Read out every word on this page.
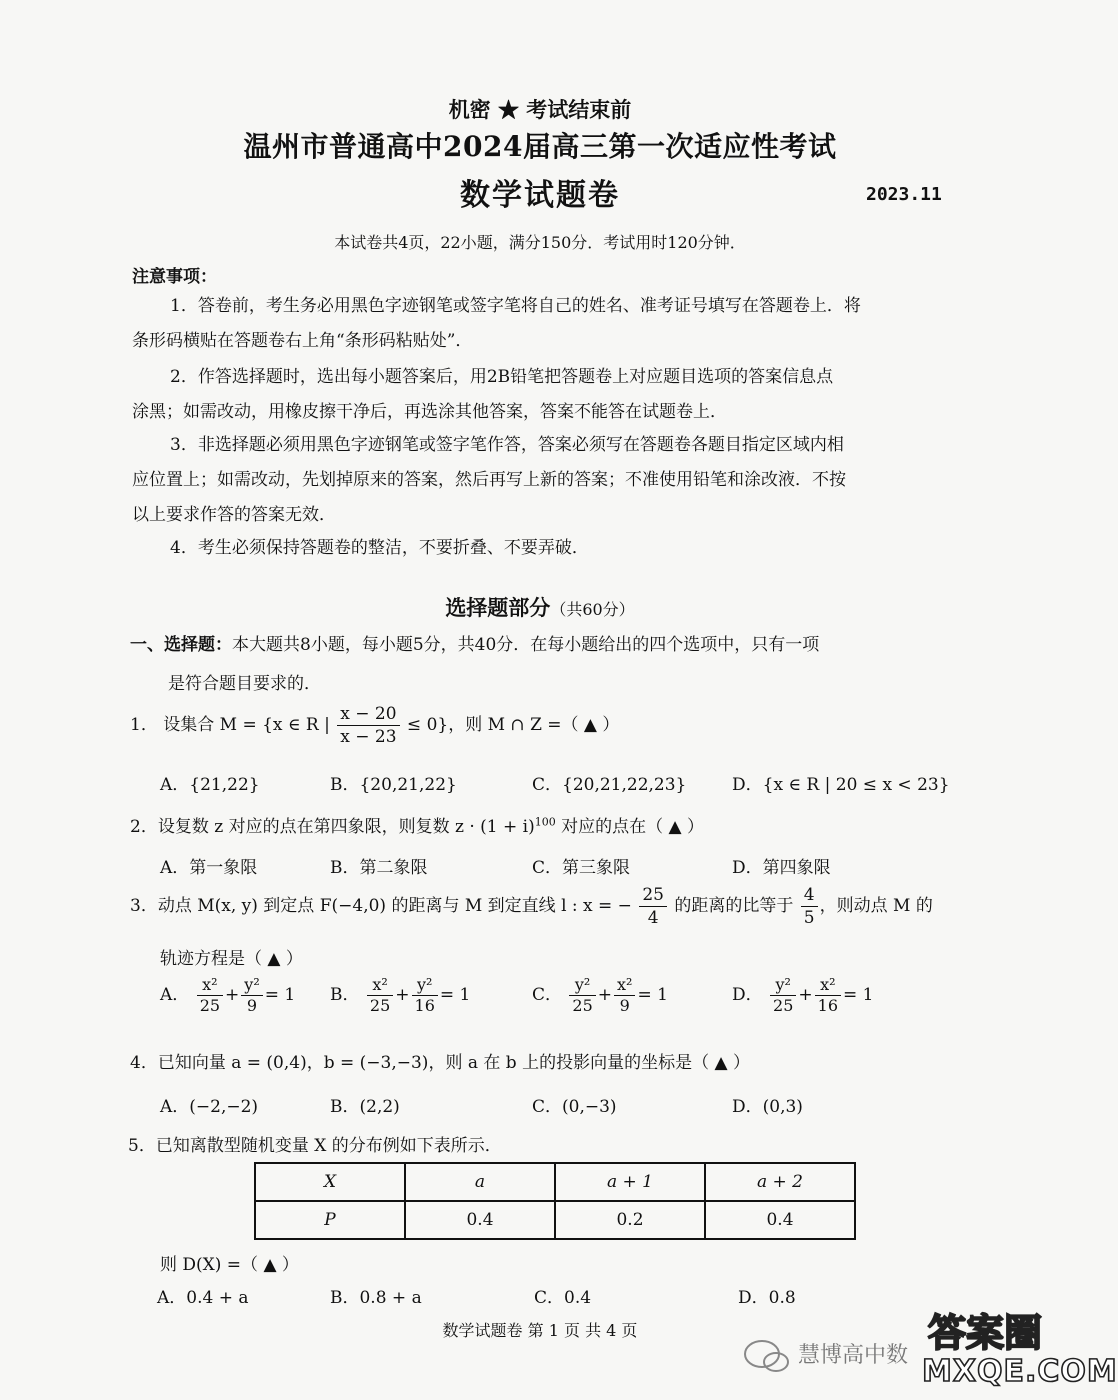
机密 ★ 考试结束前
温州市普通高中2024届高三第一次适应性考试
数学试题卷	2023.11
本试卷共4页，22小题，满分150分．考试用时120分钟．
注意事项：
1．答卷前，考生务必用黑色字迹钢笔或签字笔将自己的姓名、准考证号填写在答题卷上．将
条形码横贴在答题卷右上角“条形码粘贴处”．
2．作答选择题时，选出每小题答案后，用2B铅笔把答题卷上对应题目选项的答案信息点
涂黑；如需改动，用橡皮擦干净后，再选涂其他答案，答案不能答在试题卷上．
3．非选择题必须用黑色字迹钢笔或签字笔作答，答案必须写在答题卷各题目指定区域内相
应位置上；如需改动，先划掉原来的答案，然后再写上新的答案；不准使用铅笔和涂改液．不按
以上要求作答的答案无效．
4．考生必须保持答题卷的整洁，不要折叠、不要弄破．
选择题部分（共60分）
一、选择题：本大题共8小题，每小题5分，共40分．在每小题给出的四个选项中，只有一项
是符合题目要求的．
1． 设集合 M = {x ∈ R | $\frac{x - 20}{x - 23} \le 0$}，则 M ∩ Z =（ ▲ ）
A．{21,22}	B．{20,21,22}	C．{20,21,22,23}	D．{x ∈ R | 20 ≤ x < 23}
2．设复数 z 对应的点在第四象限，则复数 $z \cdot (1 + i)^{100}$ 对应的点在（ ▲ ）
A．第一象限	B．第二象限	C．第三象限	D．第四象限
3．动点 M(x, y) 到定点 F(−4,0) 的距离与 M 到定直线 l : x = − $\frac{25}{4}$ 的距离的比等于 $\frac{4}{5}$ ，则动点 M 的
轨迹方程是（ ▲ ）
A． $\frac{\text{x²}}{25} + \frac{\text{y²}}{9} = 1$ B． $\frac{\text{x²}}{25} + \frac{\text{y²}}{16} = 1$	C． $\frac{\text{y²}}{25} + \frac{\text{x²}}{9} = 1$	D． $\frac{\text{y²}}{25} + \frac{\text{x²}}{16} = 1$
4．已知向量 a = (0,4)，b = (−3,−3)，则 a 在 b 上的投影向量的坐标是（ ▲ ）
A．(−2,−2)	B．(2,2)	C．(0,−3)	D．(0,3)
5．已知离散型随机变量 X 的分布例如下表所示．
X	a	a + 1	a + 2
P	0.4	0.2	0.4
则 D(X) =（ ▲ ）
A．0.4 + a	B．0.8 + a	C．0.4	D．0.8
数学试题卷 第 1 页 共 4 页
慧博高中数
答案圈
MXQE.COM
